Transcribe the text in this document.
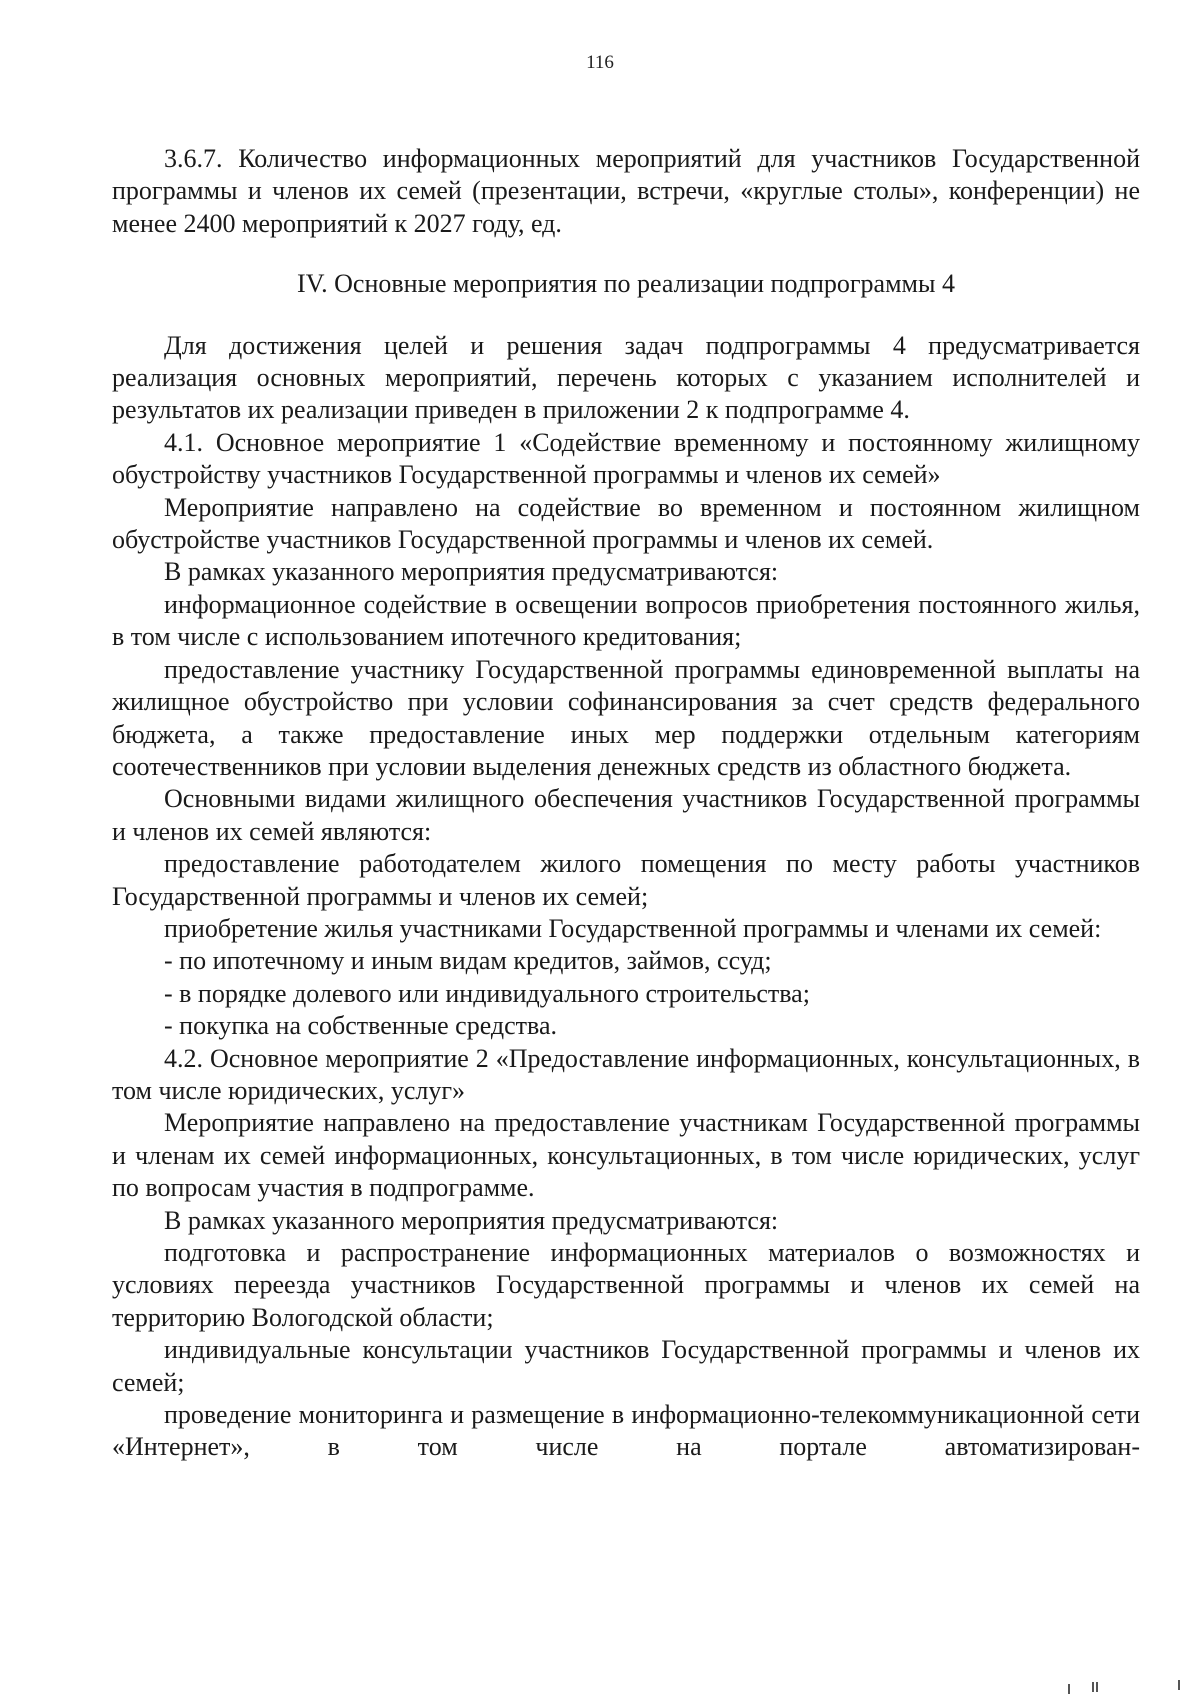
116

3.6.7. Количество информационных мероприятий для участников Государственной программы и членов их семей (презентации, встречи, «круглые столы», конференции) не менее 2400 мероприятий к 2027 году, ед.

IV. Основные мероприятия по реализации подпрограммы 4

Для достижения целей и решения задач подпрограммы 4 предусматривается реализация основных мероприятий, перечень которых с указанием исполнителей и результатов их реализации приведен в приложении 2 к подпрограмме 4.

4.1. Основное мероприятие 1 «Содействие временному и постоянному жилищному обустройству участников Государственной программы и членов их семей»

Мероприятие направлено на содействие во временном и постоянном жилищном обустройстве участников Государственной программы и членов их семей.

В рамках указанного мероприятия предусматриваются:

информационное содействие в освещении вопросов приобретения постоянного жилья, в том числе с использованием ипотечного кредитования;

предоставление участнику Государственной программы единовременной выплаты на жилищное обустройство при условии софинансирования за счет средств федерального бюджета, а также предоставление иных мер поддержки отдельным категориям соотечественников при условии выделения денежных средств из областного бюджета.

Основными видами жилищного обеспечения участников Государственной программы и членов их семей являются:

предоставление работодателем жилого помещения по месту работы участников Государственной программы и членов их семей;

приобретение жилья участниками Государственной программы и членами их семей:

- по ипотечному и иным видам кредитов, займов, ссуд;

- в порядке долевого или индивидуального строительства;

- покупка на собственные средства.

4.2. Основное мероприятие 2 «Предоставление информационных, консультационных, в том числе юридических, услуг»

Мероприятие направлено на предоставление участникам Государственной программы и членам их семей информационных, консультационных, в том числе юридических, услуг по вопросам участия в подпрограмме.

В рамках указанного мероприятия предусматриваются:

подготовка и распространение информационных материалов о возможностях и условиях переезда участников Государственной программы и членов их семей на территорию Вологодской области;

индивидуальные консультации участников Государственной программы и членов их семей;

проведение мониторинга и размещение в информационно-телекоммуникационной сети «Интернет», в том числе на портале автоматизирован-
